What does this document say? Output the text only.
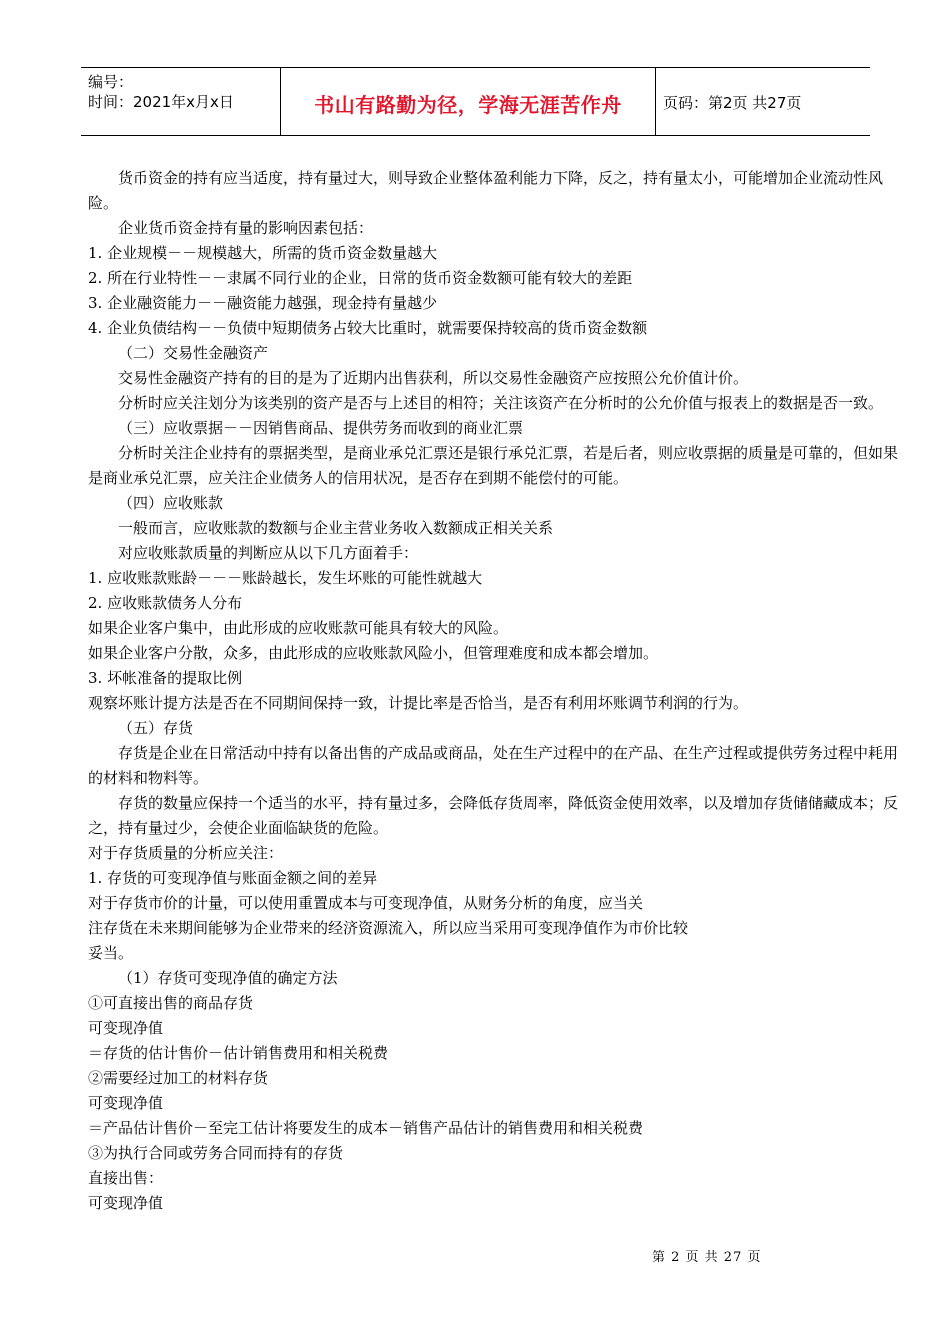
编号：
时间：2021年x月x日	书山有路勤为径，学海无涯苦作舟	页码：第2页 共27页

货币资金的持有应当适度，持有量过大，则导致企业整体盈利能力下降，反之，持有量太小，可能增加企业流动性风险。

企业货币资金持有量的影响因素包括：

1. 企业规模－－规模越大，所需的货币资金数量越大

2. 所在行业特性－－隶属不同行业的企业，日常的货币资金数额可能有较大的差距

3. 企业融资能力－－融资能力越强，现金持有量越少

4. 企业负债结构－－负债中短期债务占较大比重时，就需要保持较高的货币资金数额

（二）交易性金融资产

交易性金融资产持有的目的是为了近期内出售获利，所以交易性金融资产应按照公允价值计价。

分析时应关注划分为该类别的资产是否与上述目的相符；关注该资产在分析时的公允价值与报表上的数据是否一致。

（三）应收票据－－因销售商品、提供劳务而收到的商业汇票

分析时关注企业持有的票据类型，是商业承兑汇票还是银行承兑汇票，若是后者，则应收票据的质量是可靠的，但如果是商业承兑汇票，应关注企业债务人的信用状况，是否存在到期不能偿付的可能。

（四）应收账款

一般而言，应收账款的数额与企业主营业务收入数额成正相关关系

对应收账款质量的判断应从以下几方面着手：

1. 应收账款账龄－－－账龄越长，发生坏账的可能性就越大

2. 应收账款债务人分布

如果企业客户集中，由此形成的应收账款可能具有较大的风险。

如果企业客户分散，众多，由此形成的应收账款风险小，但管理难度和成本都会增加。

3. 坏帐准备的提取比例

观察坏账计提方法是否在不同期间保持一致，计提比率是否恰当，是否有利用坏账调节利润的行为。

（五）存货

存货是企业在日常活动中持有以备出售的产成品或商品，处在生产过程中的在产品、在生产过程或提供劳务过程中耗用的材料和物料等。

存货的数量应保持一个适当的水平，持有量过多，会降低存货周率，降低资金使用效率，以及增加存货储储藏成本；反之，持有量过少，会使企业面临缺货的危险。

对于存货质量的分析应关注：

1. 存货的可变现净值与账面金额之间的差异

对于存货市价的计量，可以使用重置成本与可变现净值，从财务分析的角度，应当关

注存货在未来期间能够为企业带来的经济资源流入，所以应当采用可变现净值作为市价比较

妥当。

（1）存货可变现净值的确定方法

①可直接出售的商品存货

可变现净值

＝存货的估计售价－估计销售费用和相关税费

②需要经过加工的材料存货

可变现净值

＝产品估计售价－至完工估计将要发生的成本－销售产品估计的销售费用和相关税费

③为执行合同或劳务合同而持有的存货

直接出售：

可变现净值

第 2 页 共 27 页
